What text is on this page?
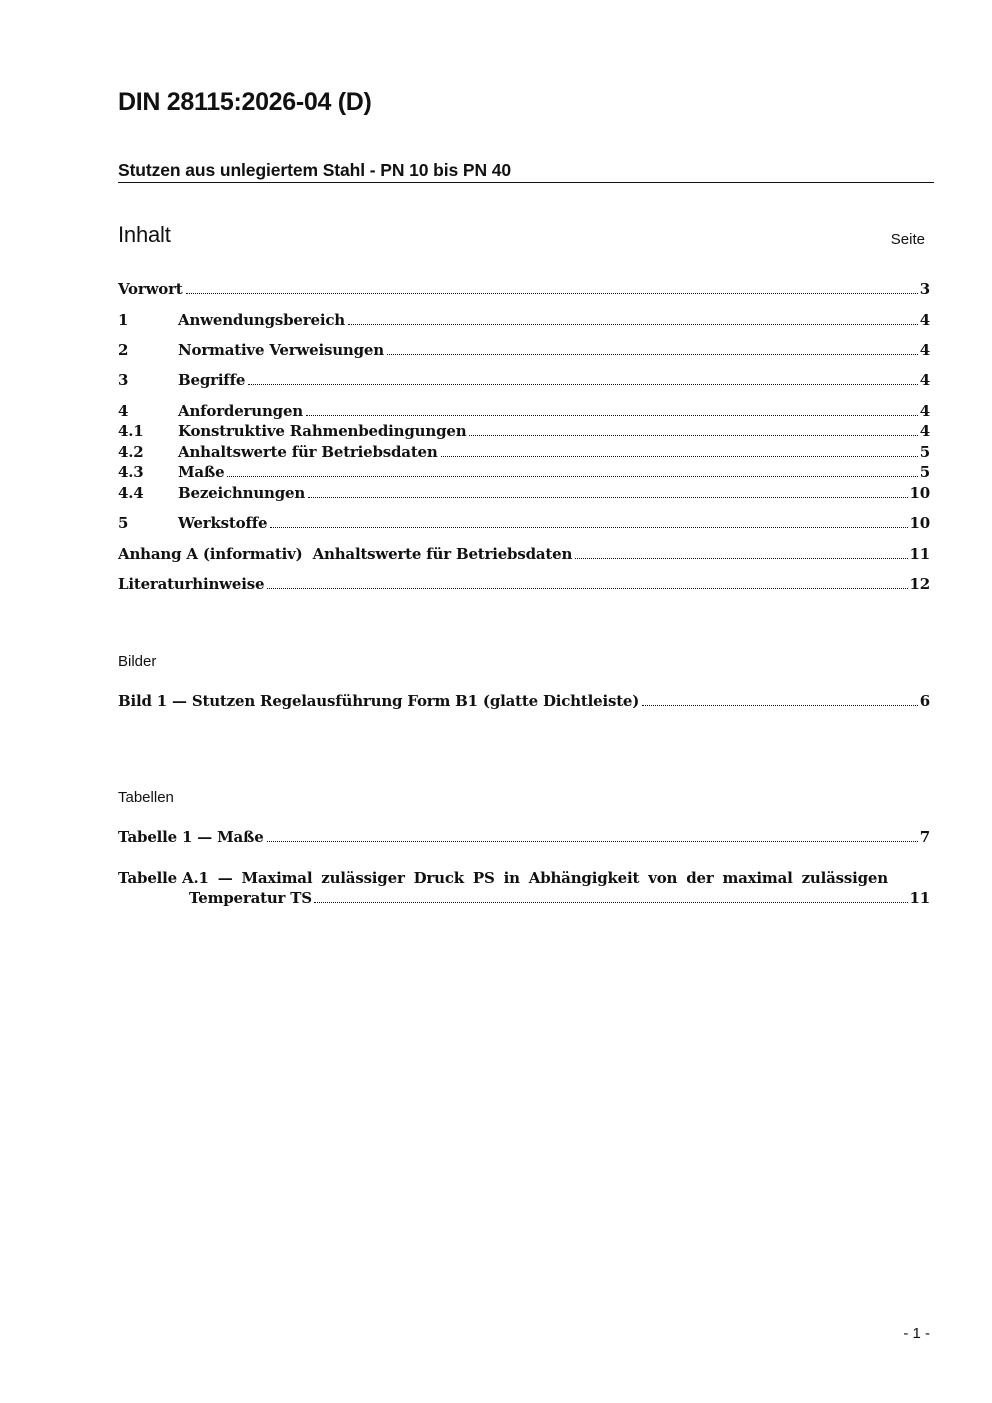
DIN 28115:2026-04 (D)
Stutzen aus unlegiertem Stahl - PN 10 bis PN 40
Inhalt	Seite
Vorwort	3
1	Anwendungsbereich	4
2	Normative Verweisungen	4
3	Begriffe	4
4	Anforderungen	4
4.1	Konstruktive Rahmenbedingungen	4
4.2	Anhaltswerte für Betriebsdaten	5
4.3	Maße	5
4.4	Bezeichnungen	10
5	Werkstoffe	10
Anhang A (informativ)  Anhaltswerte für Betriebsdaten	11
Literaturhinweise	12
Bilder
Bild 1 — Stutzen Regelausführung Form B1 (glatte Dichtleiste)	6
Tabellen
Tabelle 1 — Maße	7
Tabelle A.1 — Maximal zulässiger Druck PS in Abhängigkeit von der maximal zulässigen
Temperatur TS	11
- 1 -
